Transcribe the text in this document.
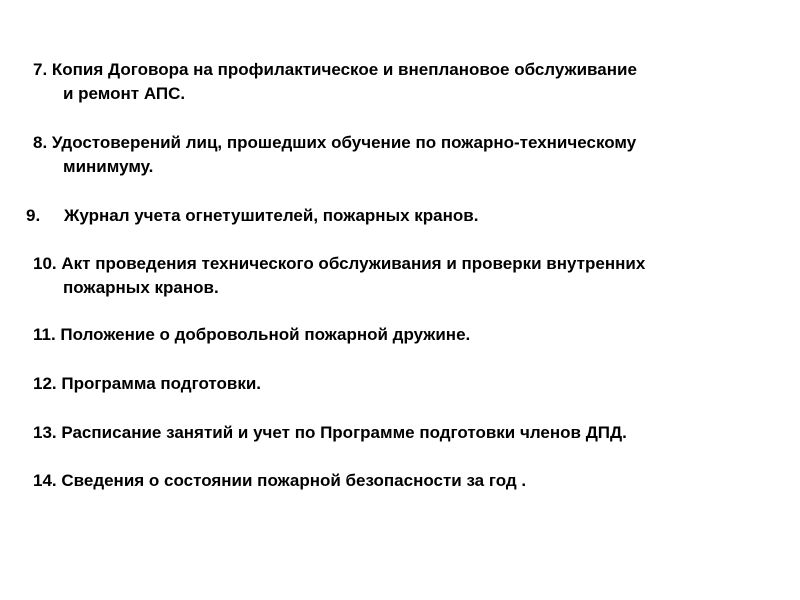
7. Копия Договора на профилактическое и внеплановое обслуживание
и ремонт АПС.
8. Удостоверений лиц, прошедших обучение по пожарно-техническому
минимуму.
9. Журнал учета огнетушителей, пожарных кранов.
10. Акт проведения технического обслуживания и проверки внутренних
пожарных кранов.
11. Положение о добровольной пожарной дружине.
12. Программа подготовки.
13. Расписание занятий и учет по Программе подготовки членов ДПД.
14. Сведения о состоянии пожарной безопасности за год .
